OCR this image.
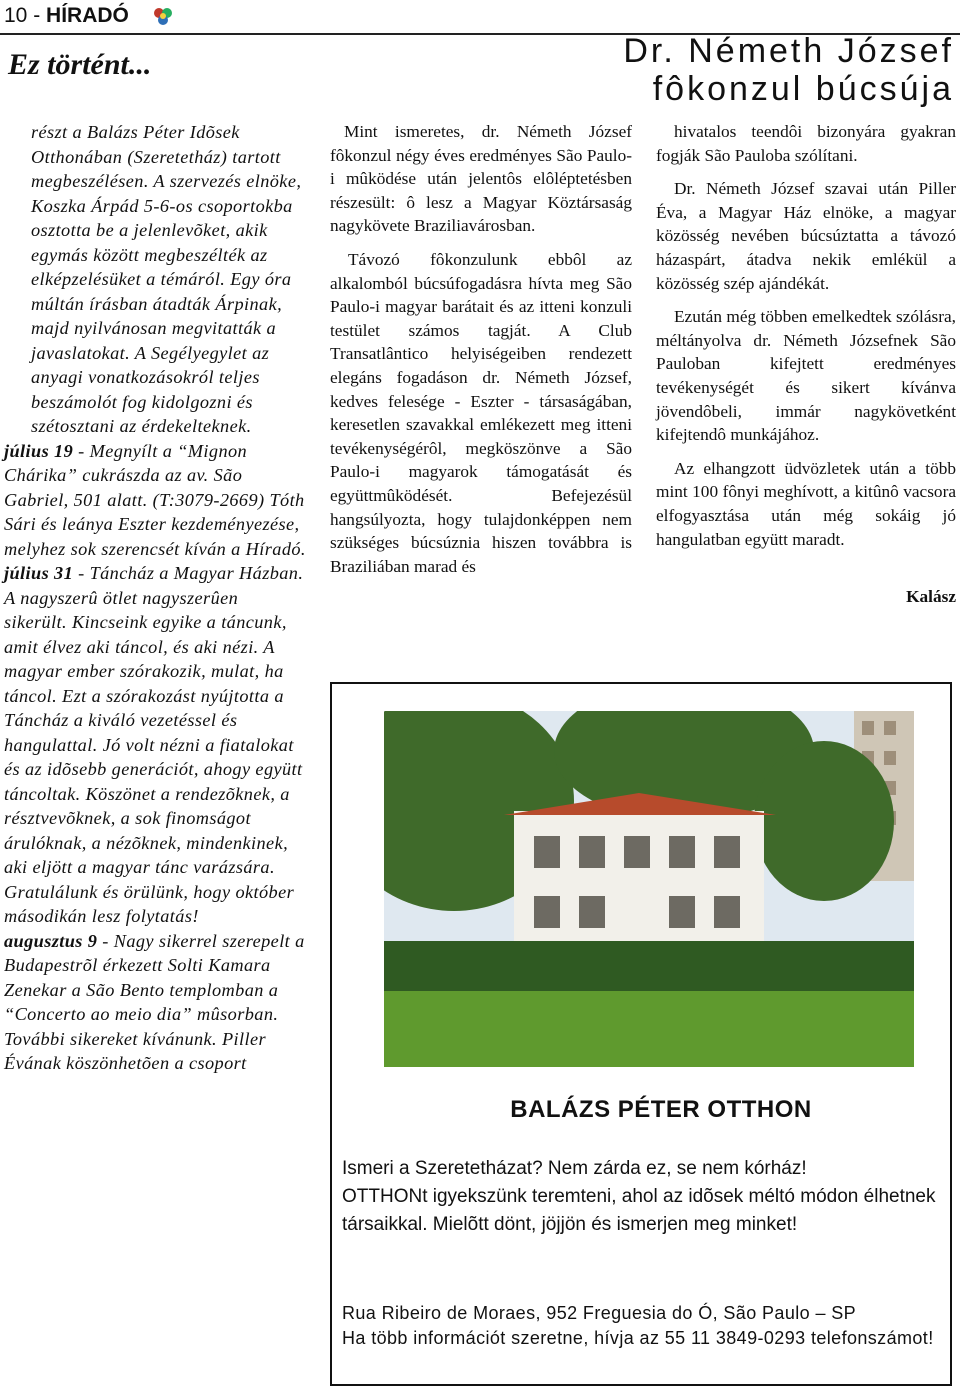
10 - HÍRADÓ
Ez történt...	Dr. Németh József
fôkonzul búcsúja

részt a Balázs Péter Idõsek Otthonában (Szeretetház) tartott megbeszélésen. A szervezés elnöke, Koszka Árpád 5-6-os csoportokba osztotta be a jelenlevõket, akik egymás között megbeszélték az elképzelésüket a témáról. Egy óra múltán írásban átadták Árpinak, majd nyilvánosan megvitatták a javaslatokat. A Segélyegylet az anyagi vonatkozásokról teljes beszámolót fog kidolgozni és szétosztani az érdekelteknek.

július 19 - Megnyílt a “Mignon Chárika” cukrászda az av. São Gabriel, 501 alatt. (T:3079-2669) Tóth Sári és leánya Eszter kezdeményezése, melyhez sok szerencsét kíván a Híradó.

július 31 - Táncház a Magyar Házban. A nagyszerû ötlet nagyszerûen sikerült. Kincseink egyike a táncunk, amit élvez aki táncol, és aki nézi. A magyar ember szórakozik, mulat, ha táncol. Ezt a szórakozást nyújtotta a Táncház a kiváló vezetéssel és hangulattal. Jó volt nézni a fiatalokat és az idõsebb generációt, ahogy együtt táncoltak. Köszönet a rendezõknek, a résztvevõknek, a sok finomságot árulóknak, a nézõknek, mindenkinek, aki eljött a magyar tánc varázsára. Gratulálunk és örülünk, hogy október másodikán lesz folytatás!

augusztus 9 - Nagy sikerrel szerepelt a Budapestrõl érkezett Solti Kamara Zenekar a São Bento templomban a “Concerto ao meio dia” mûsorban. További sikereket kívánunk. Piller Évának köszönhetõen a csoport

Mint ismeretes, dr. Németh József fôkonzul négy éves eredményes São Paulo-i mûködése után jelentôs elôléptetésben részesült: ô lesz a Magyar Köztársaság nagykövete Braziliavárosban.

Távozó fôkonzulunk ebbôl az alkalomból búcsúfogadásra hívta meg São Paulo-i magyar barátait és az itteni konzuli testület számos tagját. A Club Transatlântico helyiségeiben rendezett elegáns fogadáson dr. Németh József, kedves felesége - Eszter - társaságában, keresetlen szavakkal emlékezett meg itteni tevékenységérôl, megköszönve a São Paulo-i magyarok támogatását és együttmûködését. Befejezésül hangsúlyozta, hogy tulajdonképpen nem szükséges búcsúznia hiszen továbbra is Braziliában marad és

hivatalos teendôi bizonyára gyakran fogják São Pauloba szólítani.

Dr. Németh József szavai után Piller Éva, a Magyar Ház elnöke, a magyar közösség nevében búcsúztatta a távozó házaspárt, átadva nekik emlékül a közösség szép ajándékát.

Ezután még többen emelkedtek szólásra, méltányolva dr. Németh Józsefnek São Pauloban kifejtett eredményes tevékenységét és sikert kívánva jövendôbeli, immár nagykövetként kifejtendô munkájához.

Az elhangzott üdvözletek után a több mint 100 fônyi meghívott, a kitûnô vacsora elfogyasztása után még sokáig jó hangulatban együtt maradt.

Kalász

BALÁZS PÉTER OTTHON

Ismeri a Szeretetházat? Nem zárda ez, se nem kórház!

OTTHONt igyekszünk teremteni, ahol az idõsek méltó módon élhetnek társaikkal. Mielõtt dönt, jöjjön és ismerjen meg minket!

Rua Ribeiro de Moraes, 952 Freguesia do Ó, São Paulo – SP

Ha több információt szeretne, hívja az 55 11 3849-0293 telefonszámot!
